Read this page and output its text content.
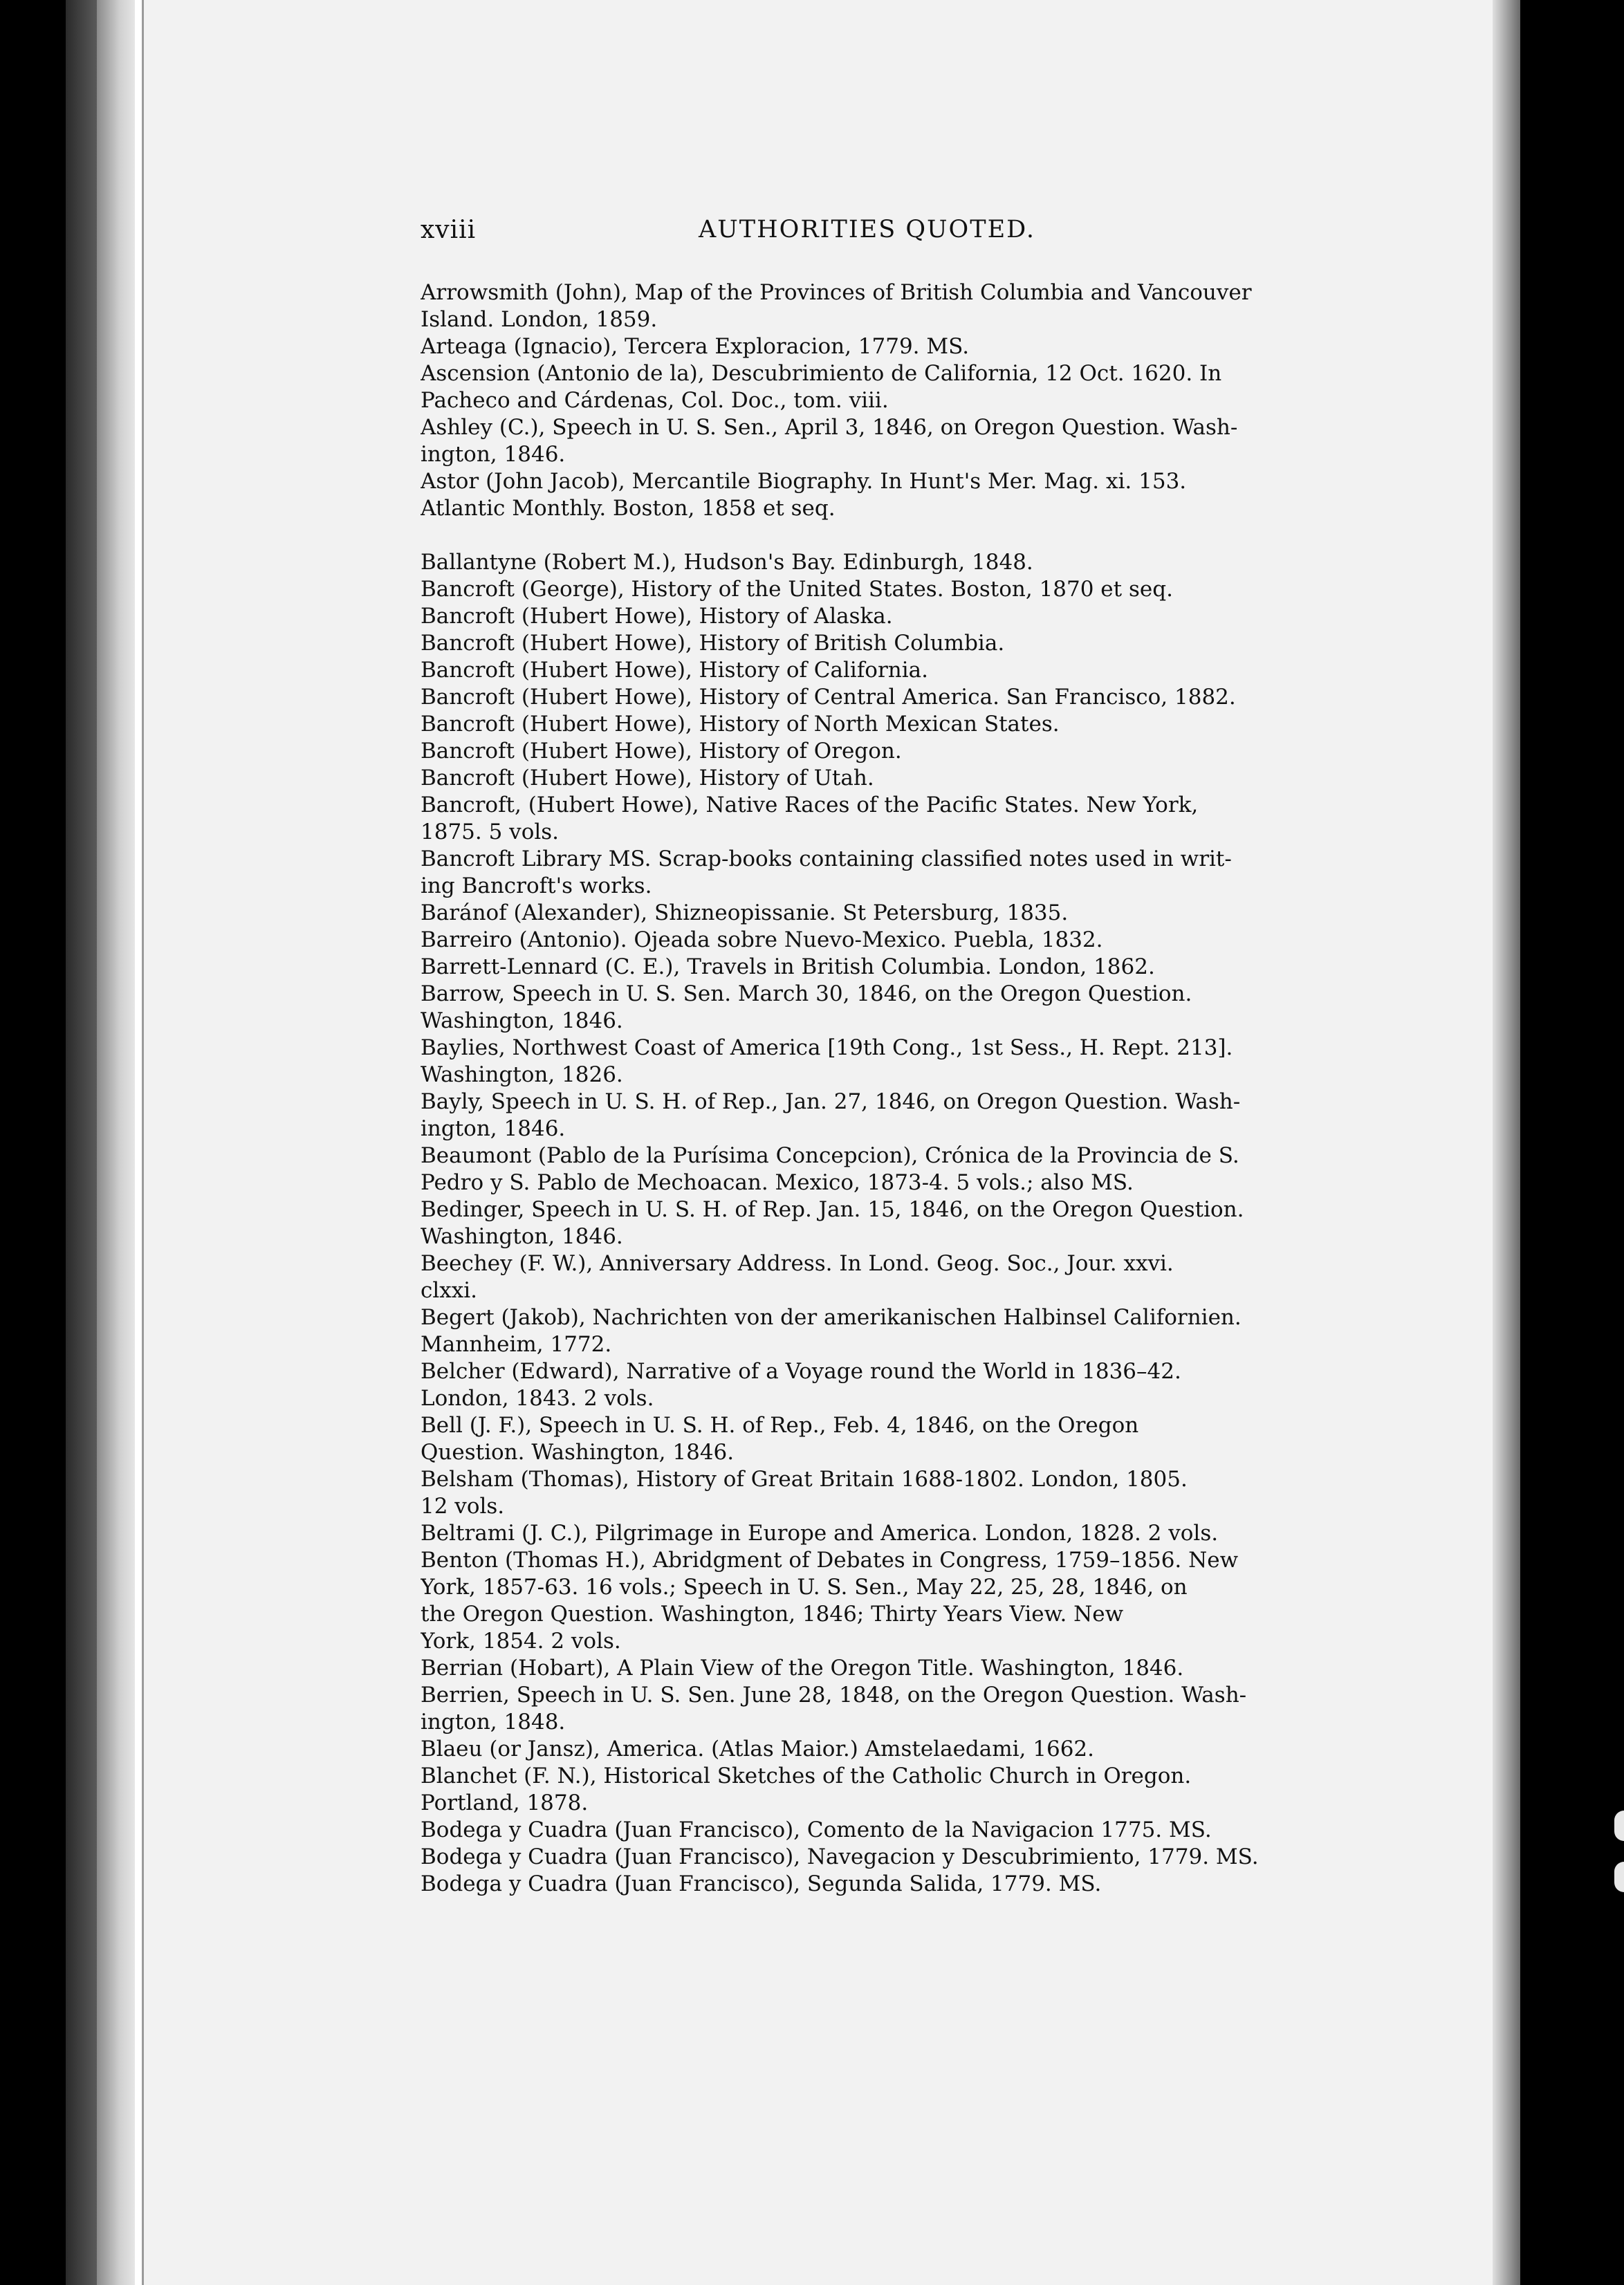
xviii	AUTHORITIES QUOTED.
Arrowsmith (John), Map of the Provinces of British Columbia and Vancouver
Island. London, 1859.
Arteaga (Ignacio), Tercera Exploracion, 1779. MS.
Ascension (Antonio de la), Descubrimiento de California, 12 Oct. 1620. In
Pacheco and Cárdenas, Col. Doc., tom. viii.
Ashley (C.), Speech in U. S. Sen., April 3, 1846, on Oregon Question. Wash-
ington, 1846.
Astor (John Jacob), Mercantile Biography. In Hunt's Mer. Mag. xi. 153.
Atlantic Monthly. Boston, 1858 et seq.
Ballantyne (Robert M.), Hudson's Bay. Edinburgh, 1848.
Bancroft (George), History of the United States. Boston, 1870 et seq.
Bancroft (Hubert Howe), History of Alaska.
Bancroft (Hubert Howe), History of British Columbia.
Bancroft (Hubert Howe), History of California.
Bancroft (Hubert Howe), History of Central America. San Francisco, 1882.
Bancroft (Hubert Howe), History of North Mexican States.
Bancroft (Hubert Howe), History of Oregon.
Bancroft (Hubert Howe), History of Utah.
Bancroft, (Hubert Howe), Native Races of the Pacific States. New York,
1875. 5 vols.
Bancroft Library MS. Scrap-books containing classified notes used in writ-
ing Bancroft's works.
Baránof (Alexander), Shizneopissanie. St Petersburg, 1835.
Barreiro (Antonio). Ojeada sobre Nuevo-Mexico. Puebla, 1832.
Barrett-Lennard (C. E.), Travels in British Columbia. London, 1862.
Barrow, Speech in U. S. Sen. March 30, 1846, on the Oregon Question.
Washington, 1846.
Baylies, Northwest Coast of America [19th Cong., 1st Sess., H. Rept. 213].
Washington, 1826.
Bayly, Speech in U. S. H. of Rep., Jan. 27, 1846, on Oregon Question. Wash-
ington, 1846.
Beaumont (Pablo de la Purísima Concepcion), Crónica de la Provincia de S.
Pedro y S. Pablo de Mechoacan. Mexico, 1873-4. 5 vols.; also MS.
Bedinger, Speech in U. S. H. of Rep. Jan. 15, 1846, on the Oregon Question.
Washington, 1846.
Beechey (F. W.), Anniversary Address. In Lond. Geog. Soc., Jour. xxvi.
clxxi.
Begert (Jakob), Nachrichten von der amerikanischen Halbinsel Californien.
Mannheim, 1772.
Belcher (Edward), Narrative of a Voyage round the World in 1836–42.
London, 1843. 2 vols.
Bell (J. F.), Speech in U. S. H. of Rep., Feb. 4, 1846, on the Oregon
Question. Washington, 1846.
Belsham (Thomas), History of Great Britain 1688-1802. London, 1805.
12 vols.
Beltrami (J. C.), Pilgrimage in Europe and America. London, 1828. 2 vols.
Benton (Thomas H.), Abridgment of Debates in Congress, 1759–1856. New
York, 1857-63. 16 vols.; Speech in U. S. Sen., May 22, 25, 28, 1846, on
the Oregon Question. Washington, 1846; Thirty Years View. New
York, 1854. 2 vols.
Berrian (Hobart), A Plain View of the Oregon Title. Washington, 1846.
Berrien, Speech in U. S. Sen. June 28, 1848, on the Oregon Question. Wash-
ington, 1848.
Blaeu (or Jansz), America. (Atlas Maior.) Amstelaedami, 1662.
Blanchet (F. N.), Historical Sketches of the Catholic Church in Oregon.
Portland, 1878.
Bodega y Cuadra (Juan Francisco), Comento de la Navigacion 1775. MS.
Bodega y Cuadra (Juan Francisco), Navegacion y Descubrimiento, 1779. MS.
Bodega y Cuadra (Juan Francisco), Segunda Salida, 1779. MS.
